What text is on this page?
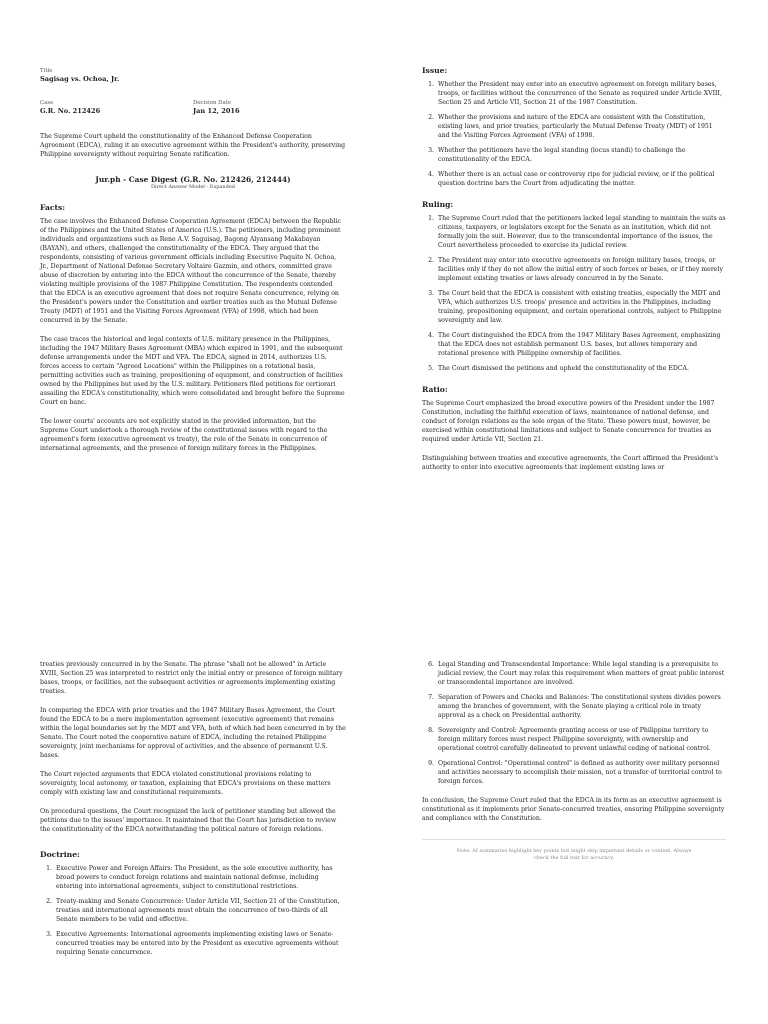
Title
Sagisag vs. Ochoa, Jr.
Case
G.R. No. 212426
Decision Date
Jan 12, 2016
The Supreme Court upheld the constitutionality of the Enhanced Defense Cooperation Agreement (EDCA), ruling it an executive agreement within the President's authority, preserving Philippine sovereignty without requiring Senate ratification.
Jur.ph - Case Digest (G.R. No. 212426, 212444)
Direct Answer Model - Expanded
Facts:

The case involves the Enhanced Defense Cooperation Agreement (EDCA) between the Republic of the Philippines and the United States of America (U.S.). The petitioners, including prominent individuals and organizations such as Rene A.V. Saguisag, Bagong Alyansang Makabayan (BAYAN), and others, challenged the constitutionality of the EDCA. They argued that the respondents, consisting of various government officials including Executive Paquito N. Ochoa, Jr., Department of National Defense Secretary Voltaire Gazmin, and others, committed grave abuse of discretion by entering into the EDCA without the concurrence of the Senate, thereby violating multiple provisions of the 1987 Philippine Constitution. The respondents contended that the EDCA is an executive agreement that does not require Senate concurrence, relying on the President's powers under the Constitution and earlier treaties such as the Mutual Defense Treaty (MDT) of 1951 and the Visiting Forces Agreement (VFA) of 1998, which had been concurred in by the Senate.

The case traces the historical and legal contexts of U.S. military presence in the Philippines, including the 1947 Military Bases Agreement (MBA) which expired in 1991, and the subsequent defense arrangements under the MDT and VFA. The EDCA, signed in 2014, authorizes U.S. forces access to certain "Agreed Locations" within the Philippines on a rotational basis, permitting activities such as training, prepositioning of equipment, and construction of facilities owned by the Philippines but used by the U.S. military. Petitioners filed petitions for certiorari assailing the EDCA's constitutionality, which were consolidated and brought before the Supreme Court en banc.

The lower courts' accounts are not explicitly stated in the provided information, but the Supreme Court undertook a thorough review of the constitutional issues with regard to the agreement's form (executive agreement vs treaty), the role of the Senate in concurrence of international agreements, and the presence of foreign military forces in the Philippines.

Issue:
1. Whether the President may enter into an executive agreement on foreign military bases, troops, or facilities without the concurrence of the Senate as required under Article XVIII, Section 25 and Article VII, Section 21 of the 1987 Constitution.
2. Whether the provisions and nature of the EDCA are consistent with the Constitution, existing laws, and prior treaties, particularly the Mutual Defense Treaty (MDT) of 1951 and the Visiting Forces Agreement (VFA) of 1998.
3. Whether the petitioners have the legal standing (locus standi) to challenge the constitutionality of the EDCA.
4. Whether there is an actual case or controversy ripe for judicial review, or if the political question doctrine bars the Court from adjudicating the matter.
Ruling:
1. The Supreme Court ruled that the petitioners lacked legal standing to maintain the suits as citizens, taxpayers, or legislators except for the Senate as an institution, which did not formally join the suit. However, due to the transcendental importance of the issues, the Court nevertheless proceeded to exercise its judicial review.
2. The President may enter into executive agreements on foreign military bases, troops, or facilities only if they do not allow the initial entry of such forces or bases, or if they merely implement existing treaties or laws already concurred in by the Senate.
3. The Court held that the EDCA is consistent with existing treaties, especially the MDT and VFA, which authorizes U.S. troops' presence and activities in the Philippines, including training, prepositioning equipment, and certain operational controls, subject to Philippine sovereignty and law.
4. The Court distinguished the EDCA from the 1947 Military Bases Agreement, emphasizing that the EDCA does not establish permanent U.S. bases, but allows temporary and rotational presence with Philippine ownership of facilities.
5. The Court dismissed the petitions and upheld the constitutionality of the EDCA.
Ratio:

The Supreme Court emphasized the broad executive powers of the President under the 1987 Constitution, including the faithful execution of laws, maintenance of national defense, and conduct of foreign relations as the sole organ of the State. These powers must, however, be exercised within constitutional limitations and subject to Senate concurrence for treaties as required under Article VII, Section 21.

Distinguishing between treaties and executive agreements, the Court affirmed the President's authority to enter into executive agreements that implement existing laws or

treaties previously concurred in by the Senate. The phrase "shall not be allowed" in Article XVIII, Section 25 was interpreted to restrict only the initial entry or presence of foreign military bases, troops, or facilities, not the subsequent activities or agreements implementing existing treaties.

In comparing the EDCA with prior treaties and the 1947 Military Bases Agreement, the Court found the EDCA to be a mere implementation agreement (executive agreement) that remains within the legal boundaries set by the MDT and VFA, both of which had been concurred in by the Senate. The Court noted the cooperative nature of EDCA, including the retained Philippine sovereignty, joint mechanisms for approval of activities, and the absence of permanent U.S. bases.

The Court rejected arguments that EDCA violated constitutional provisions relating to sovereignty, local autonomy, or taxation, explaining that EDCA's provisions on these matters comply with existing law and constitutional requirements.

On procedural questions, the Court recognized the lack of petitioner standing but allowed the petitions due to the issues' importance. It maintained that the Court has jurisdiction to review the constitutionality of the EDCA notwithstanding the political nature of foreign relations.

Doctrine:
1. Executive Power and Foreign Affairs: The President, as the sole executive authority, has broad powers to conduct foreign relations and maintain national defense, including entering into international agreements, subject to constitutional restrictions.
2. Treaty-making and Senate Concurrence: Under Article VII, Section 21 of the Constitution, treaties and international agreements must obtain the concurrence of two-thirds of all Senate members to be valid and effective.
3. Executive Agreements: International agreements implementing existing laws or Senate-concurred treaties may be entered into by the President as executive agreements without requiring Senate concurrence.
6. Legal Standing and Transcendental Importance: While legal standing is a prerequisite to judicial review, the Court may relax this requirement when matters of great public interest or transcendental importance are involved.
7. Separation of Powers and Checks and Balances: The constitutional system divides powers among the branches of government, with the Senate playing a critical role in treaty approval as a check on Presidential authority.
8. Sovereignty and Control: Agreements granting access or use of Philippine territory to foreign military forces must respect Philippine sovereignty, with ownership and operational control carefully delineated to prevent unlawful ceding of national control.
9. Operational Control: "Operational control" is defined as authority over military personnel and activities necessary to accomplish their mission, not a transfer of territorial control to foreign forces.

In conclusion, the Supreme Court ruled that the EDCA in its form as an executive agreement is constitutional as it implements prior Senate-concurred treaties, ensuring Philippine sovereignty and compliance with the Constitution.

Note: AI summaries highlight key points but might skip important details or context. Always check the full text for accuracy.
